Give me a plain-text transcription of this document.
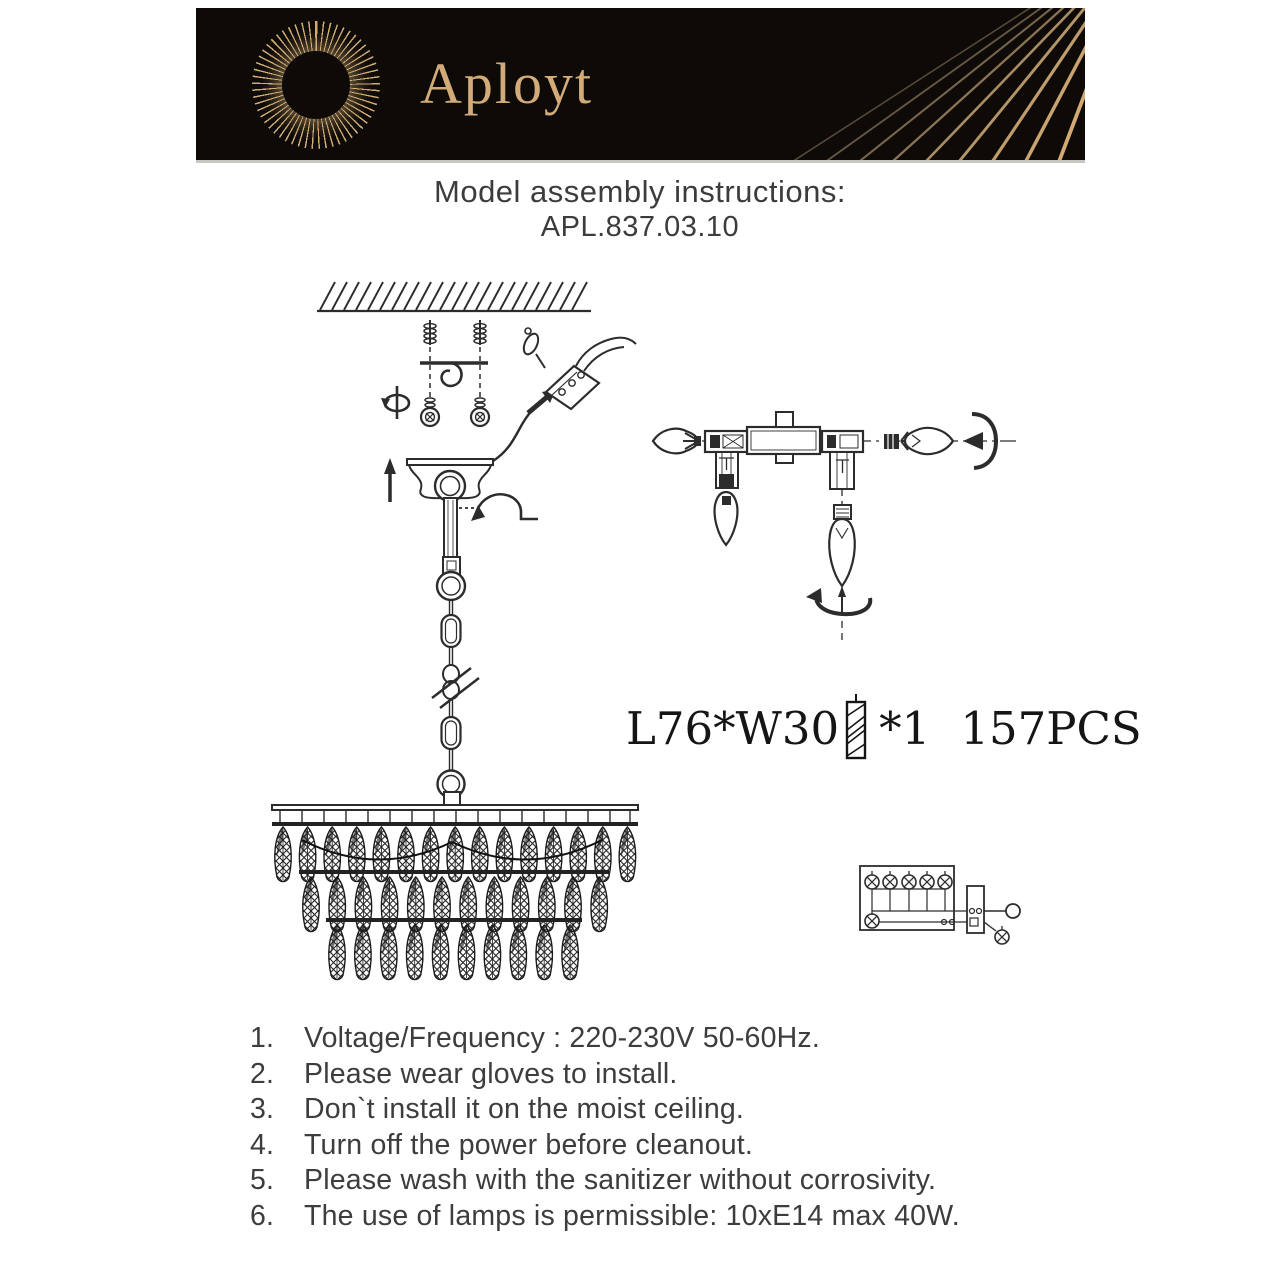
Aployt
Model assembly instructions:
APL.837.03.10
L76*W30 *1 157PCS
1.	Voltage/Frequency : 220-230V 50-60Hz.
2.	Please wear gloves to install.
3.	Don`t install it on the moist ceiling.
4.	Turn off the power before cleanout.
5.	Please wash with the sanitizer without corrosivity.
6.	The use of lamps is permissible: 10xE14 max 40W.
